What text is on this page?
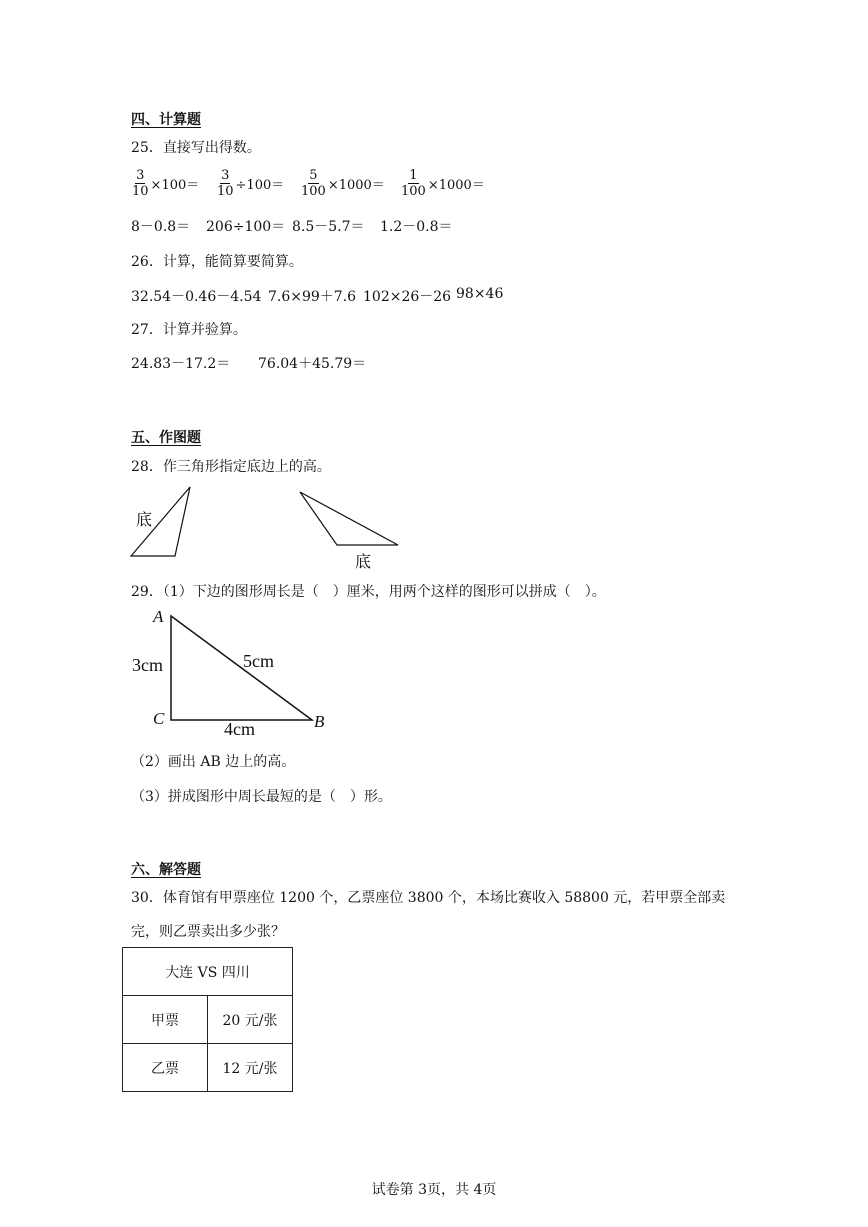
四、计算题
25．直接写出得数。
$\frac{3}{10} \times 100= \frac{3}{10} \div 100= \frac{5}{100} \times 1000= \frac{1}{100} \times 1000=$
8－0.8＝ 206÷100＝ 8.5－5.7＝ 1.2－0.8＝
26．计算，能简算要简算。
32.54－0.46－4.54 7.6×99＋7.6 102×26－26 98×46
27．计算并验算。
24.83－17.2＝ 76.04＋45.79＝
五、作图题
28．作三角形指定底边上的高。
底
底
29．（1）下边的图形周长是（　）厘米，用两个这样的图形可以拼成（　）。
A
C	B
3cm	5cm
4cm
（2）画出 AB 边上的高。
（3）拼成图形中周长最短的是（　）形。
六、解答题
30．体育馆有甲票座位 1200 个，乙票座位 3800 个，本场比赛收入 58800 元，若甲票全部卖
完，则乙票卖出多少张？
大连 VS 四川	
甲票	20 元/张
乙票	12 元/张
试卷第 3页，共 4页
